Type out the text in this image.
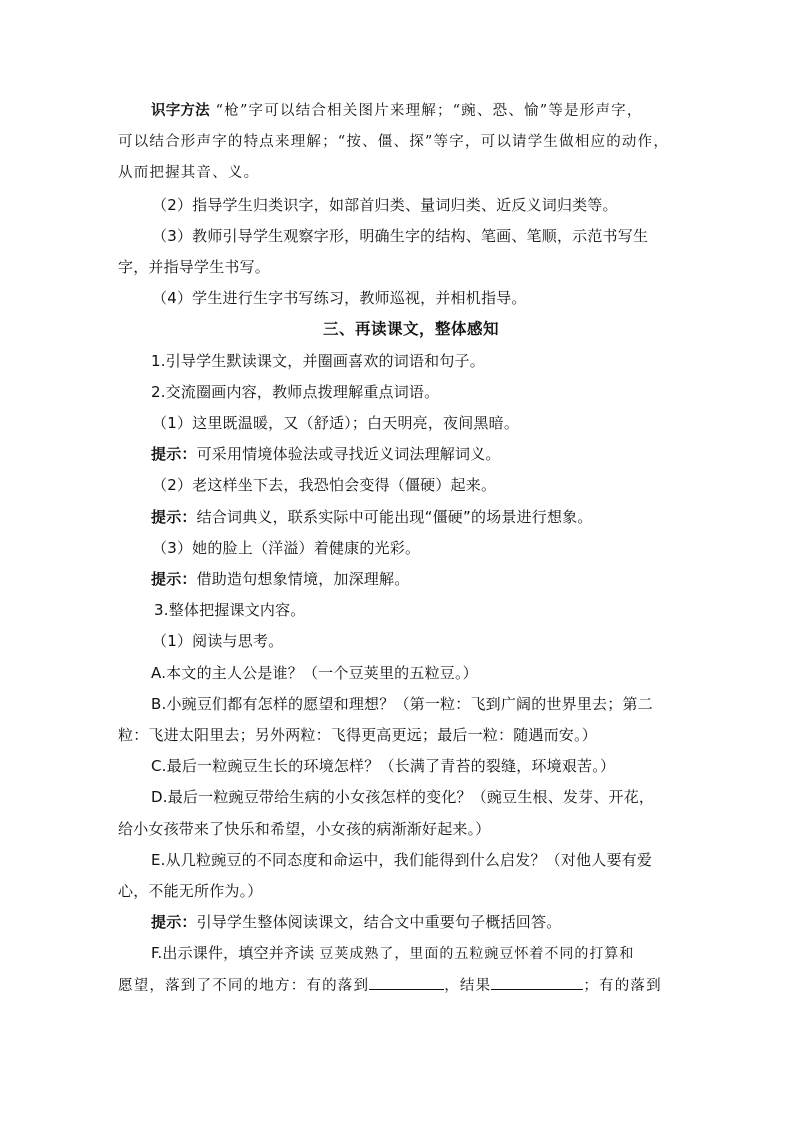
识字方法 “枪”字可以结合相关图片来理解；“豌、恐、愉”等是形声字，
可以结合形声字的特点来理解；“按、僵、探”等字，可以请学生做相应的动作，
从而把握其音、义。
（2）指导学生归类识字，如部首归类、量词归类、近反义词归类等。
（3）教师引导学生观察字形，明确生字的结构、笔画、笔顺，示范书写生
字，并指导学生书写。
（4）学生进行生字书写练习，教师巡视，并相机指导。
三、再读课文，整体感知
1.引导学生默读课文，并圈画喜欢的词语和句子。
2.交流圈画内容，教师点拨理解重点词语。
（1）这里既温暖，又（舒适）；白天明亮，夜间黑暗。
提示：可采用情境体验法或寻找近义词法理解词义。
（2）老这样坐下去，我恐怕会变得（僵硬）起来。
提示：结合词典义，联系实际中可能出现“僵硬”的场景进行想象。
（3）她的脸上（洋溢）着健康的光彩。
提示：借助造句想象情境，加深理解。
3.整体把握课文内容。
（1）阅读与思考。
A.本文的主人公是谁？（一个豆荚里的五粒豆。）
B.小豌豆们都有怎样的愿望和理想？（第一粒：飞到广阔的世界里去；第二
粒：飞进太阳里去；另外两粒：飞得更高更远；最后一粒：随遇而安。）
C.最后一粒豌豆生长的环境怎样？（长满了青苔的裂缝，环境艰苦。）
D.最后一粒豌豆带给生病的小女孩怎样的变化？（豌豆生根、发芽、开花，
给小女孩带来了快乐和希望，小女孩的病渐渐好起来。）
E.从几粒豌豆的不同态度和命运中，我们能得到什么启发？（对他人要有爱
心，不能无所作为。）
提示：引导学生整体阅读课文，结合文中重要句子概括回答。
F.出示课件，填空并齐读 豆荚成熟了，里面的五粒豌豆怀着不同的打算和
愿望，落到了不同的地方：有的落到	，结果	；有的落到
